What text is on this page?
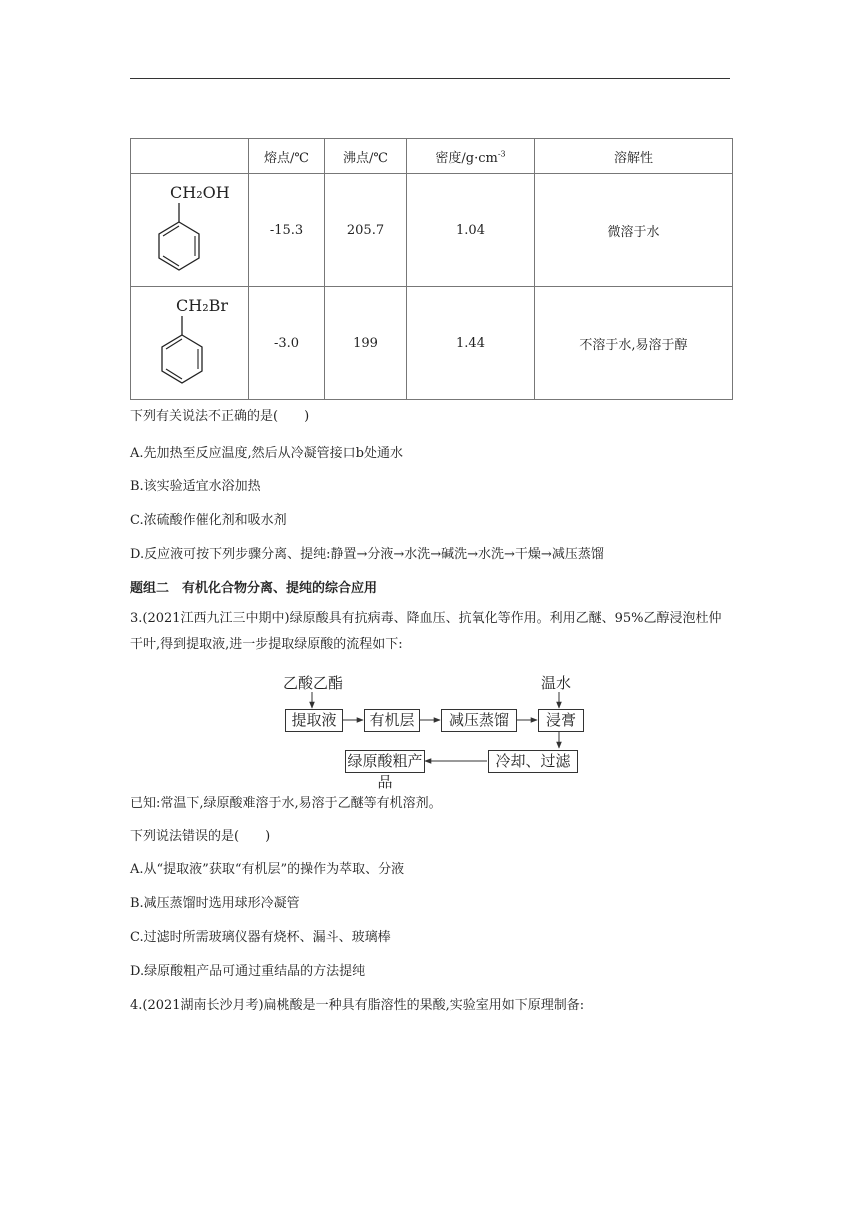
	熔点/℃	沸点/℃	密度$/g\cdot cm^{-3}$	溶解性

CH₂OH	-15.3	205.7	1.04	微溶于水

CH₂Br	-3.0	199	1.44	不溶于水,易溶于醇
下列有关说法不正确的是(　　)
A.先加热至反应温度,然后从冷凝管接口b处通水
B.该实验适宜水浴加热
C.浓硫酸作催化剂和吸水剂
D.反应液可按下列步骤分离、提纯:静置→分液→水洗→碱洗→水洗→干燥→减压蒸馏
题组二　有机化合物分离、提纯的综合应用
3.(2021江西九江三中期中)绿原酸具有抗病毒、降血压、抗氧化等作用。利用乙醚、95%乙醇浸泡杜仲干叶,得到提取液,进一步提取绿原酸的流程如下:
乙酸乙酯	温水
提取液	有机层	减压蒸馏	浸膏
冷却、过滤
绿原酸粗产品
已知:常温下,绿原酸难溶于水,易溶于乙醚等有机溶剂。
下列说法错误的是(　　)
A.从“提取液”获取“有机层”的操作为萃取、分液
B.减压蒸馏时选用球形冷凝管
C.过滤时所需玻璃仪器有烧杯、漏斗、玻璃棒
D.绿原酸粗产品可通过重结晶的方法提纯
4.(2021湖南长沙月考)扁桃酸是一种具有脂溶性的果酸,实验室用如下原理制备:
